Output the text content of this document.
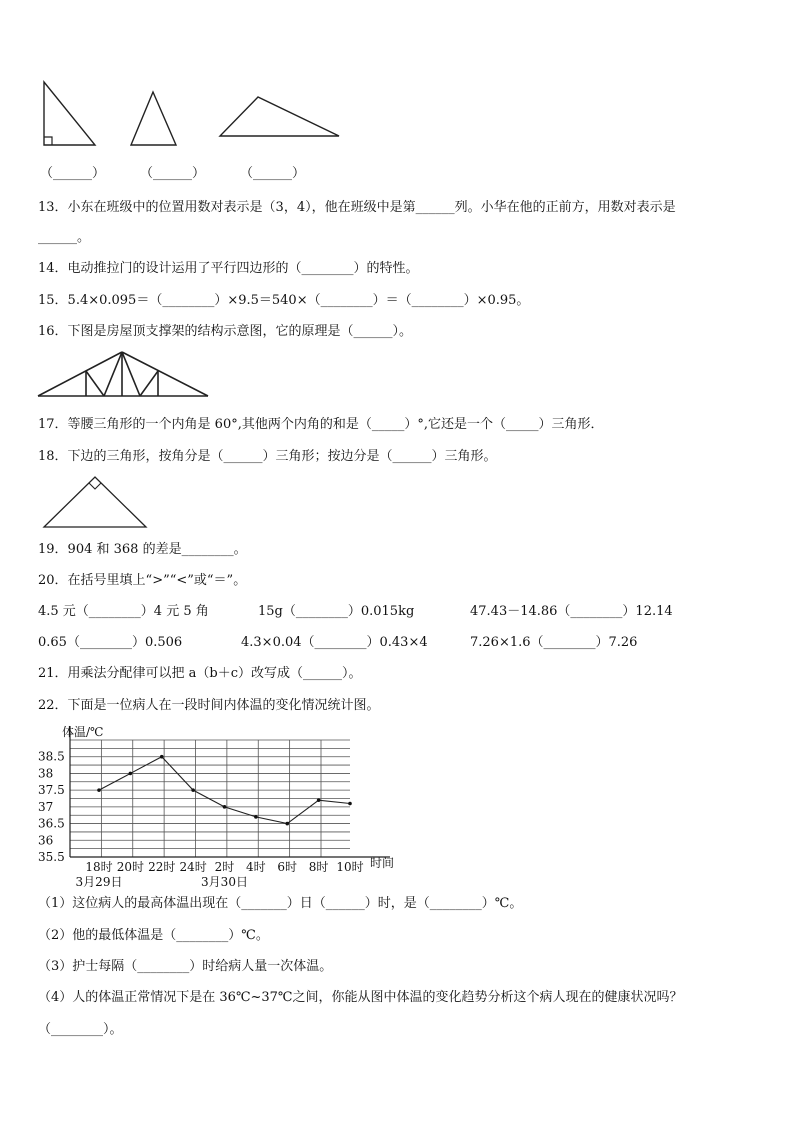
（______）	（______）	（______）
13．小东在班级中的位置用数对表示是（3，4），他在班级中是第______列。小华在他的正前方，用数对表示是
______。
14．电动推拉门的设计运用了平行四边形的（________）的特性。
15．5.4×0.095＝（________）×9.5＝540×（________）＝（________）×0.95。
16．下图是房屋顶支撑架的结构示意图，它的原理是（______）。
17．等腰三角形的一个内角是 60°,其他两个内角的和是（_____）°,它还是一个（_____）三角形．
18．下边的三角形，按角分是（______）三角形；按边分是（______）三角形。
19．904 和 368 的差是________。
20．在括号里填上“>”“<”或“＝”。
4.5 元（________）4 元 5 角	15g（________）0.015kg	47.43－14.86（________）12.14
0.65（________）0.506	4.3×0.04（________）0.43×4	7.26×1.6（________）7.26
21．用乘法分配律可以把 a（b＋c）改写成（______）。
22．下面是一位病人在一段时间内体温的变化情况统计图。
38.5
38
37.5
37
36.5
36
35.5
体温/℃
时间
18时 20时 22时 24时 2时 4时 6时 8时 10时
3月29日	3月30日
（1）这位病人的最高体温出现在（_______）日（______）时，是（________）℃。
（2）他的最低体温是（________）℃。
（3）护士每隔（________）时给病人量一次体温。
（4）人的体温正常情况下是在 36℃~37℃之间，你能从图中体温的变化趋势分析这个病人现在的健康状况吗？
（________）。
